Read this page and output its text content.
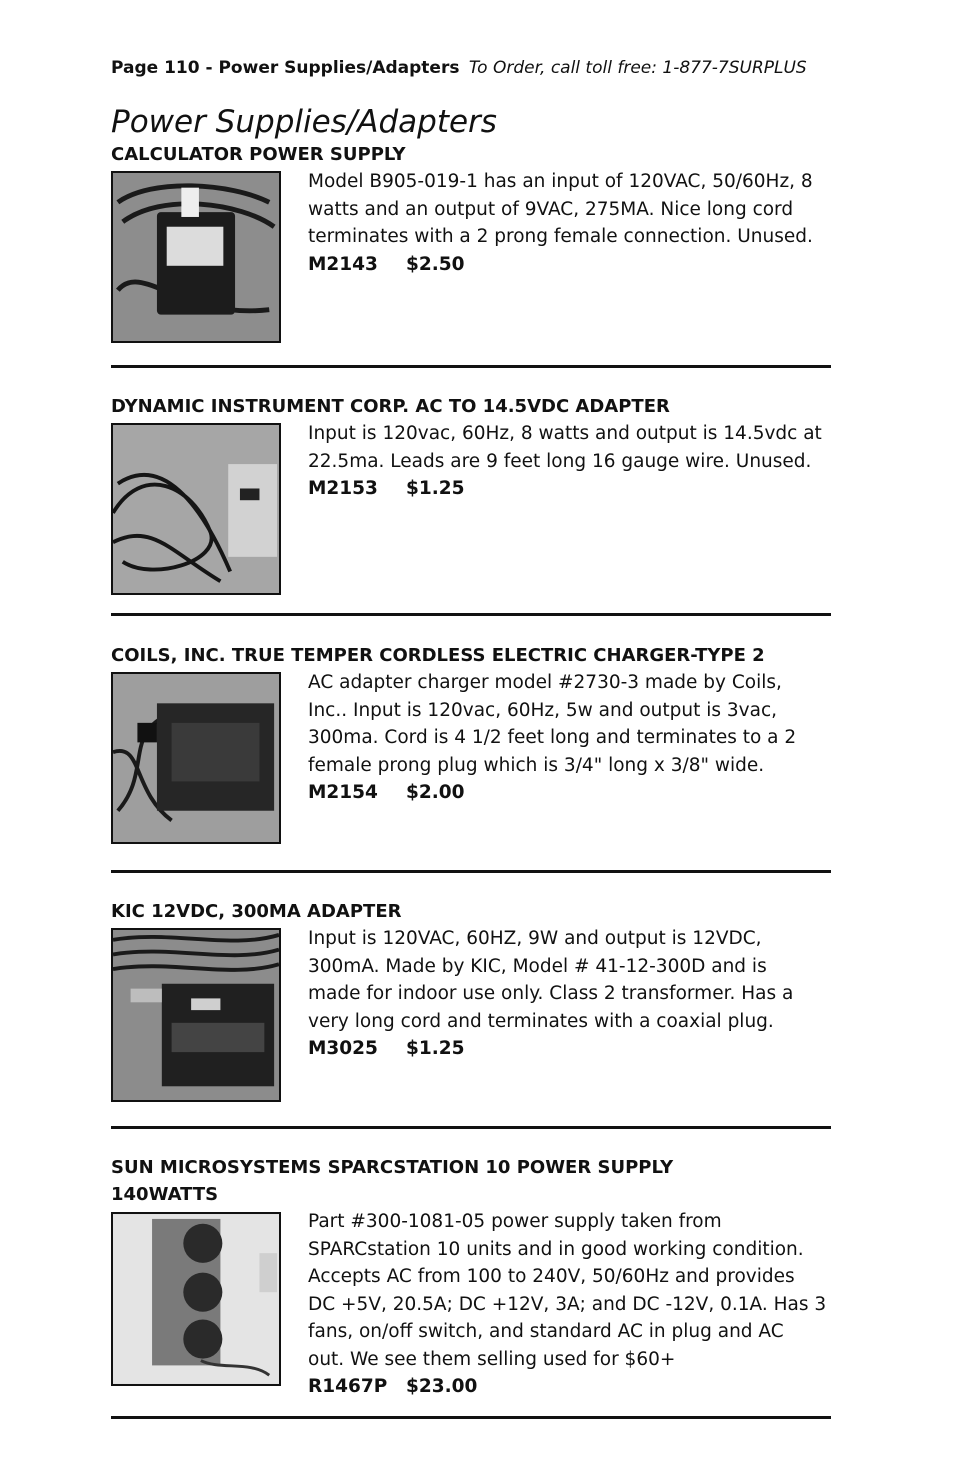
Page 110 - Power Supplies/Adapters To Order, call toll free: 1-877-7SURPLUS
Power Supplies/Adapters
CALCULATOR POWER SUPPLY
Model B905-019-1 has an input of 120VAC, 50/60Hz, 8
watts and an output of 9VAC, 275MA. Nice long cord
terminates with a 2 prong female connection. Unused.
M2143 $2.50
DYNAMIC INSTRUMENT CORP. AC TO 14.5VDC ADAPTER
Input is 120vac, 60Hz, 8 watts and output is 14.5vdc at
22.5ma. Leads are 9 feet long 16 gauge wire. Unused.
M2153 $1.25
COILS, INC. TRUE TEMPER CORDLESS ELECTRIC CHARGER-TYPE 2
AC adapter charger model #2730-3 made by Coils,
Inc.. Input is 120vac, 60Hz, 5w and output is 3vac,
300ma. Cord is 4 1/2 feet long and terminates to a 2
female prong plug which is 3/4" long x 3/8" wide.
M2154 $2.00
KIC 12VDC, 300MA ADAPTER
Input is 120VAC, 60HZ, 9W and output is 12VDC,
300mA. Made by KIC, Model # 41-12-300D and is
made for indoor use only. Class 2 transformer. Has a
very long cord and terminates with a coaxial plug.
M3025 $1.25
SUN MICROSYSTEMS SPARCSTATION 10 POWER SUPPLY
140WATTS
Part #300-1081-05 power supply taken from
SPARCstation 10 units and in good working condition.
Accepts AC from 100 to 240V, 50/60Hz and provides
DC +5V, 20.5A; DC +12V, 3A; and DC -12V, 0.1A. Has 3
fans, on/off switch, and standard AC in plug and AC
out. We see them selling used for $60+
R1467P $23.00
